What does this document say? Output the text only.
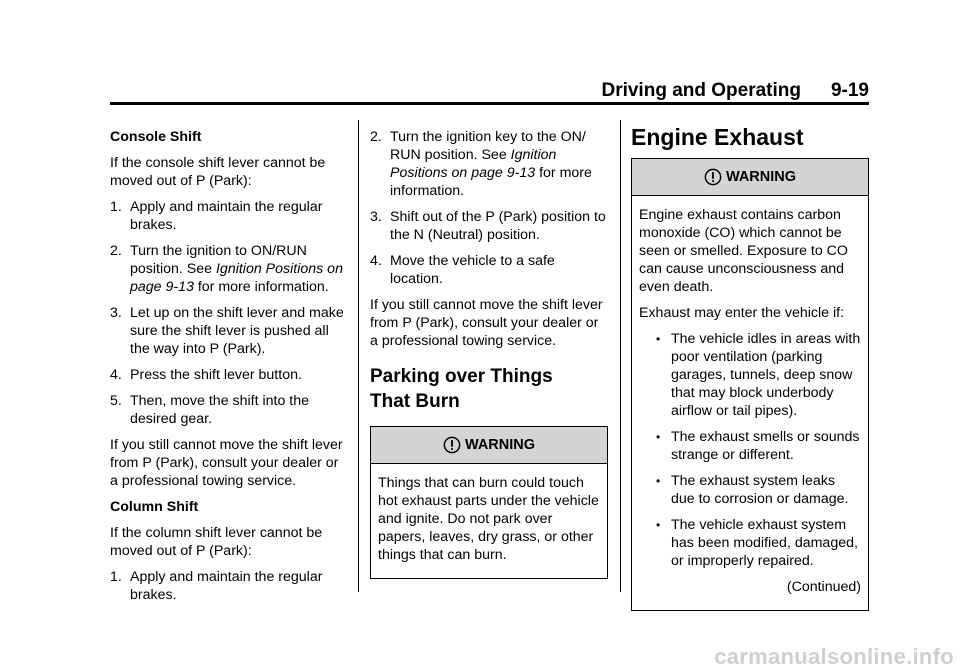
Driving and Operating 9-19

Console Shift

If the console shift lever cannot be moved out of P (Park):

1. Apply and maintain the regular brakes.
2. Turn the ignition to ON/RUN position. See Ignition Positions on page 9-13 for more information.
3. Let up on the shift lever and make sure the shift lever is pushed all the way into P (Park).
4. Press the shift lever button.
5. Then, move the shift into the desired gear.

If you still cannot move the shift lever from P (Park), consult your dealer or a professional towing service.

Column Shift

If the column shift lever cannot be moved out of P (Park):

1. Apply and maintain the regular brakes.
2. Turn the ignition key to the ON/ RUN position. See Ignition Positions on page 9-13 for more information.
3. Shift out of the P (Park) position to the N (Neutral) position.
4. Move the vehicle to a safe location.

If you still cannot move the shift lever from P (Park), consult your dealer or a professional towing service.

Parking over Things
That Burn
WARNING

Things that can burn could touch hot exhaust parts under the vehicle and ignite. Do not park over papers, leaves, dry grass, or other things that can burn.

Engine Exhaust
WARNING

Engine exhaust contains carbon monoxide (CO) which cannot be seen or smelled. Exposure to CO can cause unconsciousness and even death.

Exhaust may enter the vehicle if:

• The vehicle idles in areas with poor ventilation (parking garages, tunnels, deep snow that may block underbody airflow or tail pipes).
• The exhaust smells or sounds strange or different.
• The exhaust system leaks due to corrosion or damage.
• The vehicle exhaust system has been modified, damaged, or improperly repaired.

(Continued)

carmanualsonline.info
